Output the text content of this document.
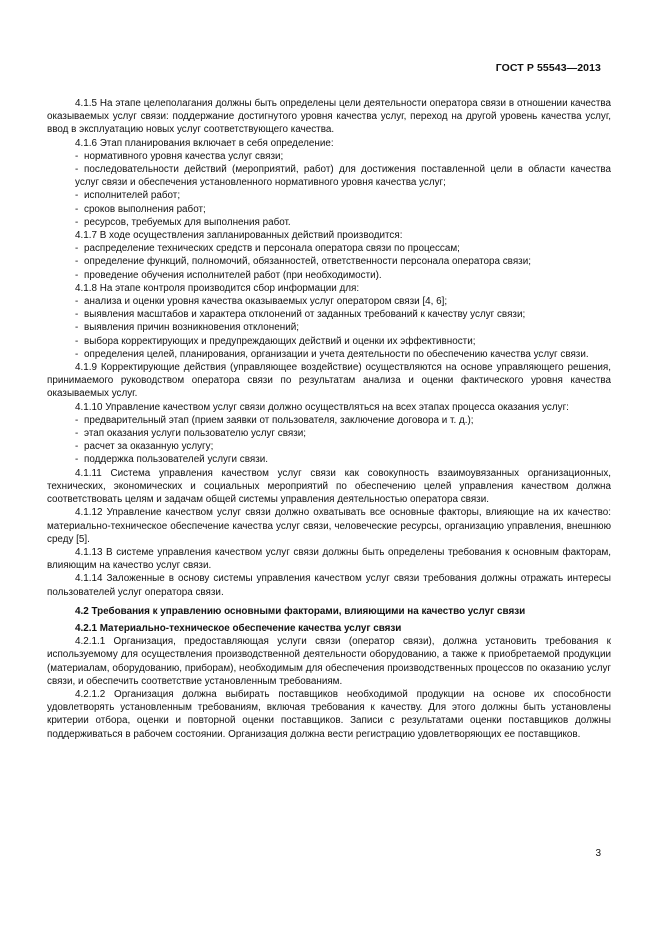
ГОСТ Р 55543—2013

4.1.5 На этапе целеполагания должны быть определены цели деятельности оператора связи в отношении качества оказываемых услуг связи: поддержание достигнутого уровня качества услуг, переход на другой уровень качества услуг, ввод в эксплуатацию новых услуг соответствующего качества.

4.1.6 Этап планирования включает в себя определение:

- нормативного уровня качества услуг связи;

- последовательности действий (мероприятий, работ) для достижения поставленной цели в области качества услуг связи и обеспечения установленного нормативного уровня качества услуг;

- исполнителей работ;

- сроков выполнения работ;

- ресурсов, требуемых для выполнения работ.

4.1.7 В ходе осуществления запланированных действий производится:

- распределение технических средств и персонала оператора связи по процессам;

- определение функций, полномочий, обязанностей, ответственности персонала оператора связи;

- проведение обучения исполнителей работ (при необходимости).

4.1.8 На этапе контроля производится сбор информации для:

- анализа и оценки уровня качества оказываемых услуг оператором связи [4, 6];

- выявления масштабов и характера отклонений от заданных требований к качеству услуг связи;

- выявления причин возникновения отклонений;

- выбора корректирующих и предупреждающих действий и оценки их эффективности;

- определения целей, планирования, организации и учета деятельности по обеспечению качества услуг связи.

4.1.9 Корректирующие действия (управляющее воздействие) осуществляются на основе управляющего решения, принимаемого руководством оператора связи по результатам анализа и оценки фактического уровня качества оказываемых услуг.

4.1.10 Управление качеством услуг связи должно осуществляться на всех этапах процесса оказания услуг:

- предварительный этап (прием заявки от пользователя, заключение договора и т. д.);

- этап оказания услуги пользователю услуг связи;

- расчет за оказанную услугу;

- поддержка пользователей услуги связи.

4.1.11 Система управления качеством услуг связи как совокупность взаимоувязанных организационных, технических, экономических и социальных мероприятий по обеспечению целей управления качеством должна соответствовать целям и задачам общей системы управления деятельностью оператора связи.

4.1.12 Управление качеством услуг связи должно охватывать все основные факторы, влияющие на их качество: материально-техническое обеспечение качества услуг связи, человеческие ресурсы, организацию управления, внешнюю среду [5].

4.1.13 В системе управления качеством услуг связи должны быть определены требования к основным факторам, влияющим на качество услуг связи.

4.1.14 Заложенные в основу системы управления качеством услуг связи требования должны отражать интересы пользователей услуг оператора связи.

4.2 Требования к управлению основными факторами, влияющими на качество услуг связи

4.2.1 Материально-техническое обеспечение качества услуг связи

4.2.1.1 Организация, предоставляющая услуги связи (оператор связи), должна установить требования к используемому для осуществления производственной деятельности оборудованию, а также к приобретаемой продукции (материалам, оборудованию, приборам), необходимым для обеспечения производственных процессов по оказанию услуг связи, и обеспечить соответствие установленным требованиям.

4.2.1.2 Организация должна выбирать поставщиков необходимой продукции на основе их способности удовлетворять установленным требованиям, включая требования к качеству. Для этого должны быть установлены критерии отбора, оценки и повторной оценки поставщиков. Записи с результатами оценки поставщиков должны поддерживаться в рабочем состоянии. Организация должна вести регистрацию удовлетворяющих ее поставщиков.

3
